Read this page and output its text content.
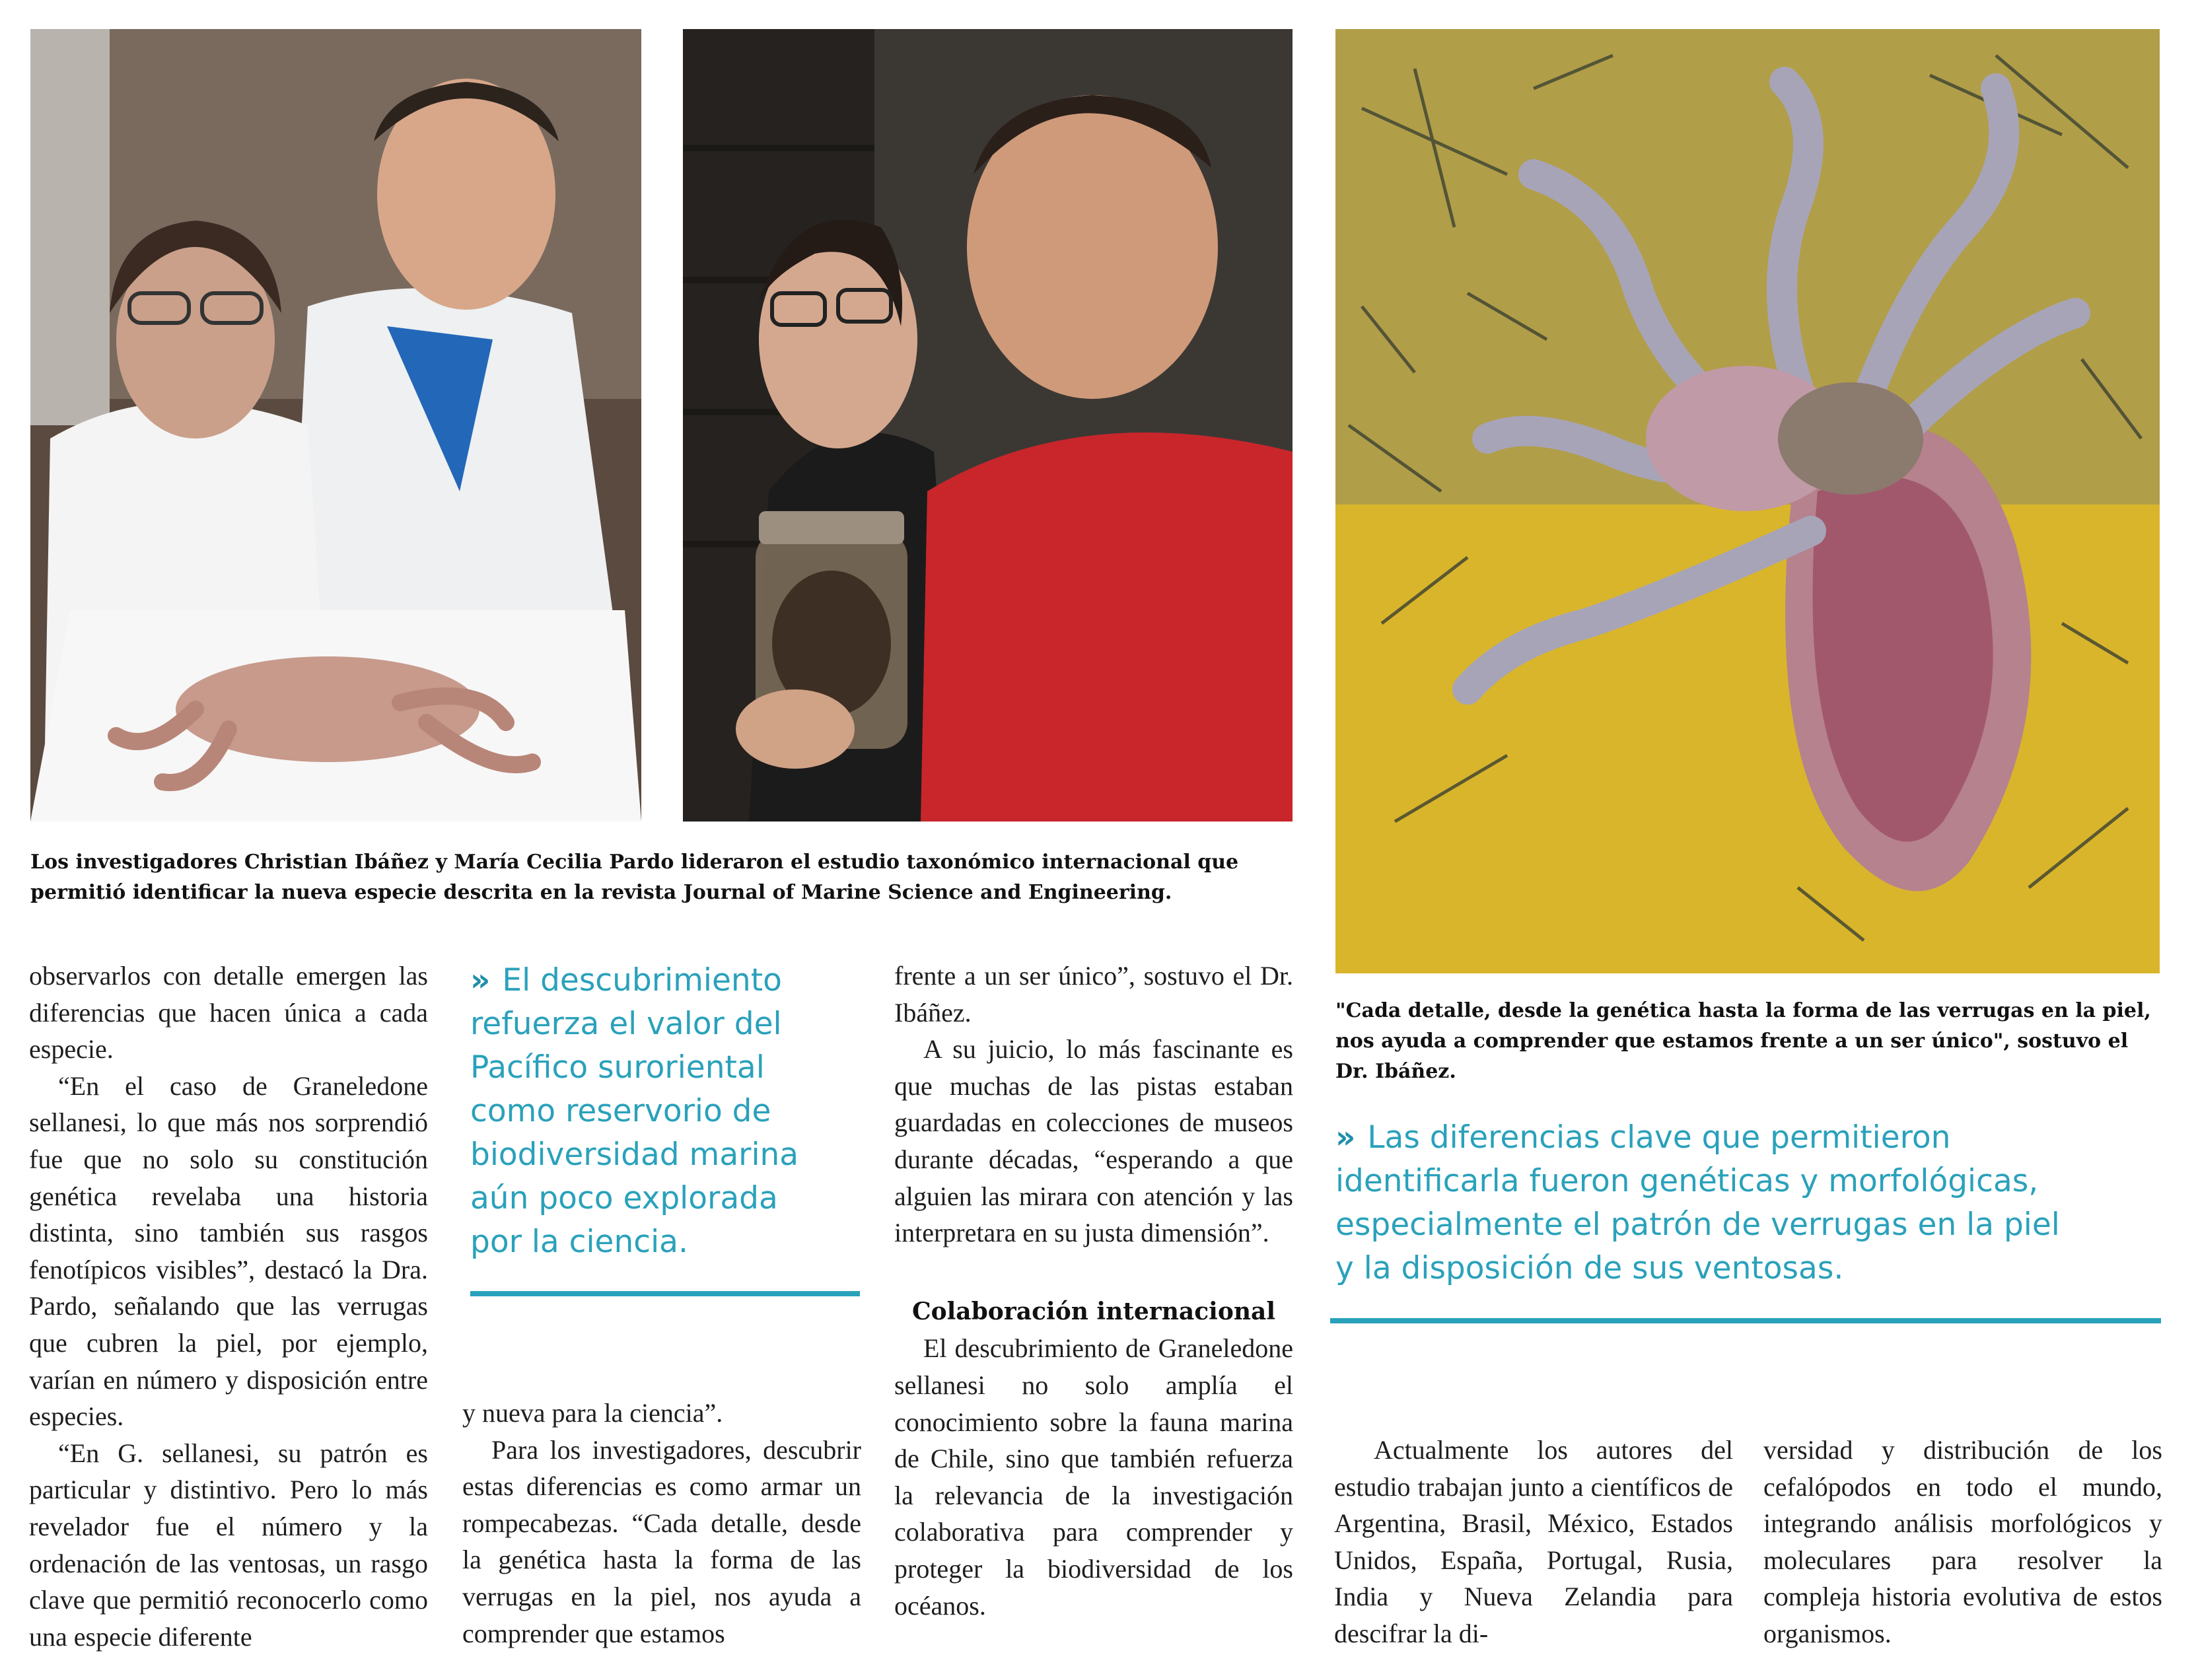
Los investigadores Christian Ibáñez y María Cecilia Pardo lideraron el estudio taxonómico internacional que permitió identificar la nueva especie descrita en la revista Journal of Marine Science and Engineering.
"Cada detalle, desde la genética hasta la forma de las verrugas en la piel, nos ayuda a comprender que estamos frente a un ser único", sostuvo el Dr. Ibáñez.

observarlos con detalle emergen las diferencias que hacen única a cada especie.

“En el caso de Graneledone sellanesi, lo que más nos sorprendió fue que no solo su constitución genética revelaba una historia distinta, sino también sus rasgos fenotípicos visibles”, destacó la Dra. Pardo, señalando que las verrugas que cubren la piel, por ejemplo, varían en número y disposición entre especies.

“En G. sellanesi, su patrón es particular y distintivo. Pero lo más revelador fue el número y la ordenación de las ventosas, un rasgo clave que permitió reconocerlo como una especie diferente

» El descubrimiento refuerza el valor del Pacífico suroriental como reservorio de biodiversidad marina aún poco explorada por la ciencia.

y nueva para la ciencia”.

Para los investigadores, descubrir estas diferencias es como armar un rompecabezas. “Cada detalle, desde la genética hasta la forma de las verrugas en la piel, nos ayuda a comprender que estamos

frente a un ser único”, sostuvo el Dr. Ibáñez.

A su juicio, lo más fascinante es que muchas de las pistas estaban guardadas en colecciones de museos durante décadas, “esperando a que alguien las mirara con atención y las interpretara en su justa dimensión”.

Colaboración internacional

El descubrimiento de Graneledone sellanesi no solo amplía el conocimiento sobre la fauna marina de Chile, sino que también refuerza la relevancia de la investigación colaborativa para comprender y proteger la biodiversidad de los océanos.

» Las diferencias clave que permitieron identificarla fueron genéticas y morfológicas, especialmente el patrón de verrugas en la piel y la disposición de sus ventosas.

Actualmente los autores del estudio trabajan junto a científicos de Argentina, Brasil, México, Estados Unidos, España, Portugal, Rusia, India y Nueva Zelandia para descifrar la di-

versidad y distribución de los cefalópodos en todo el mundo, integrando análisis morfológicos y moleculares para resolver la compleja historia evolutiva de estos organismos.
